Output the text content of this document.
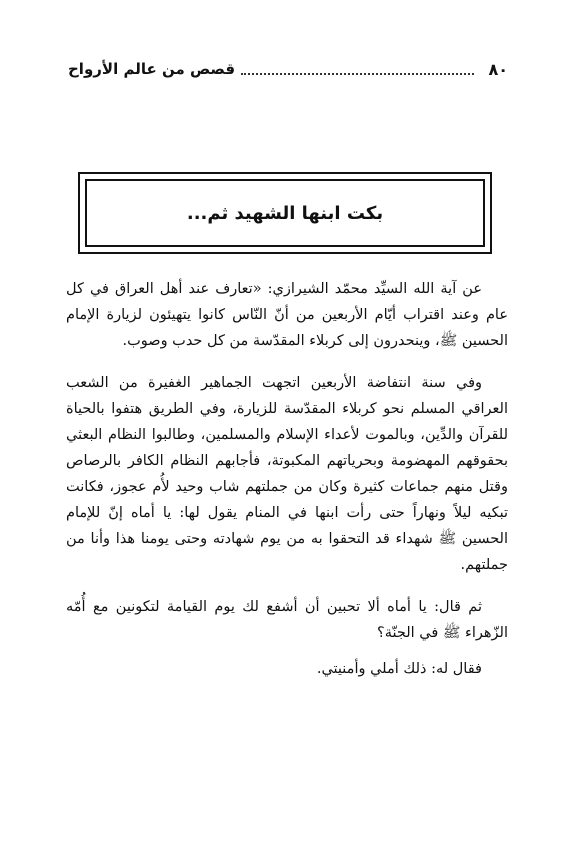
٨٠
قصص من عالم الأرواح
بكت ابنها الشهيد ثم...

عن آية الله السيِّد محمّد الشيرازي: «تعارف عند أهل العراق في كل عام وعند اقتراب أيّام الأربعين من أنّ النّاس كانوا يتهيئون لزيارة الإمام الحسين ﷺ، وينحدرون إلى كربلاء المقدّسة من كل حدب وصوب.

وفي سنة انتفاضة الأربعين اتجهت الجماهير الغفيرة من الشعب العراقي المسلم نحو كربلاء المقدّسة للزيارة، وفي الطريق هتفوا بالحياة للقرآن والدِّين، وبالموت لأعداء الإسلام والمسلمين، وطالبوا النظام البعثي بحقوقهم المهضومة وبحرياتهم المكبوتة، فأجابهم النظام الكافر بالرصاص وقتل منهم جماعات كثيرة وكان من جملتهم شاب وحيد لأُم عجوز، فكانت تبكيه ليلاً ونهاراً حتى رأت ابنها في المنام يقول لها: يا أماه إنّ للإمام الحسين ﷺ شهداء قد التحقوا به من يوم شهادته وحتى يومنا هذا وأنا من جملتهم.

ثم قال: يا أماه ألا تحبين أن أشفع لك يوم القيامة لتكونين مع أُمّه الزّهراء ﷺ في الجنّة؟

فقال له: ذلك أملي وأمنيتي.
